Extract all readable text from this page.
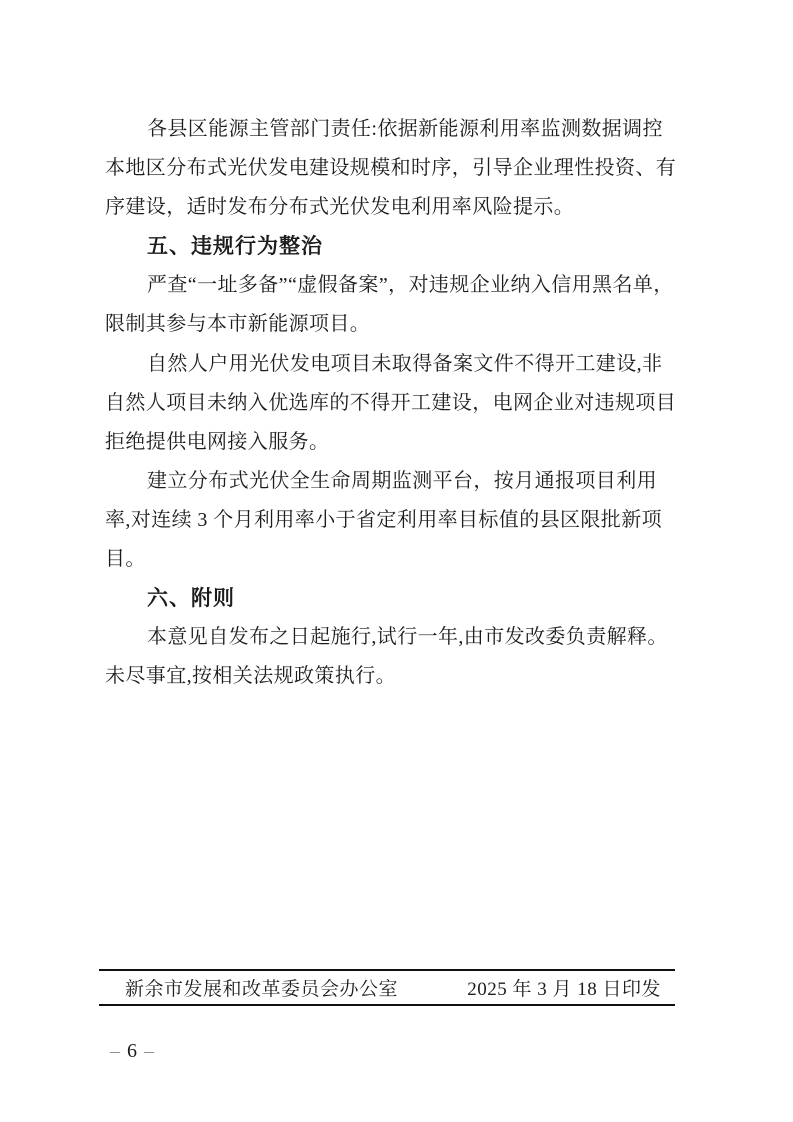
各县区能源主管部门责任:依据新能源利用率监测数据调控
本地区分布式光伏发电建设规模和时序，引导企业理性投资、有
序建设，适时发布分布式光伏发电利用率风险提示。
五、违规行为整治
严查“一址多备”“虚假备案”，对违规企业纳入信用黑名单，
限制其参与本市新能源项目。
自然人户用光伏发电项目未取得备案文件不得开工建设,非
自然人项目未纳入优选库的不得开工建设，电网企业对违规项目
拒绝提供电网接入服务。
建立分布式光伏全生命周期监测平台，按月通报项目利用
率,对连续 3 个月利用率小于省定利用率目标值的县区限批新项
目。
六、附则
本意见自发布之日起施行,试行一年,由市发改委负责解释。
未尽事宜,按相关法规政策执行。
新余市发展和改革委员会办公室	2025 年 3 月 18 日印发
– 6 –
